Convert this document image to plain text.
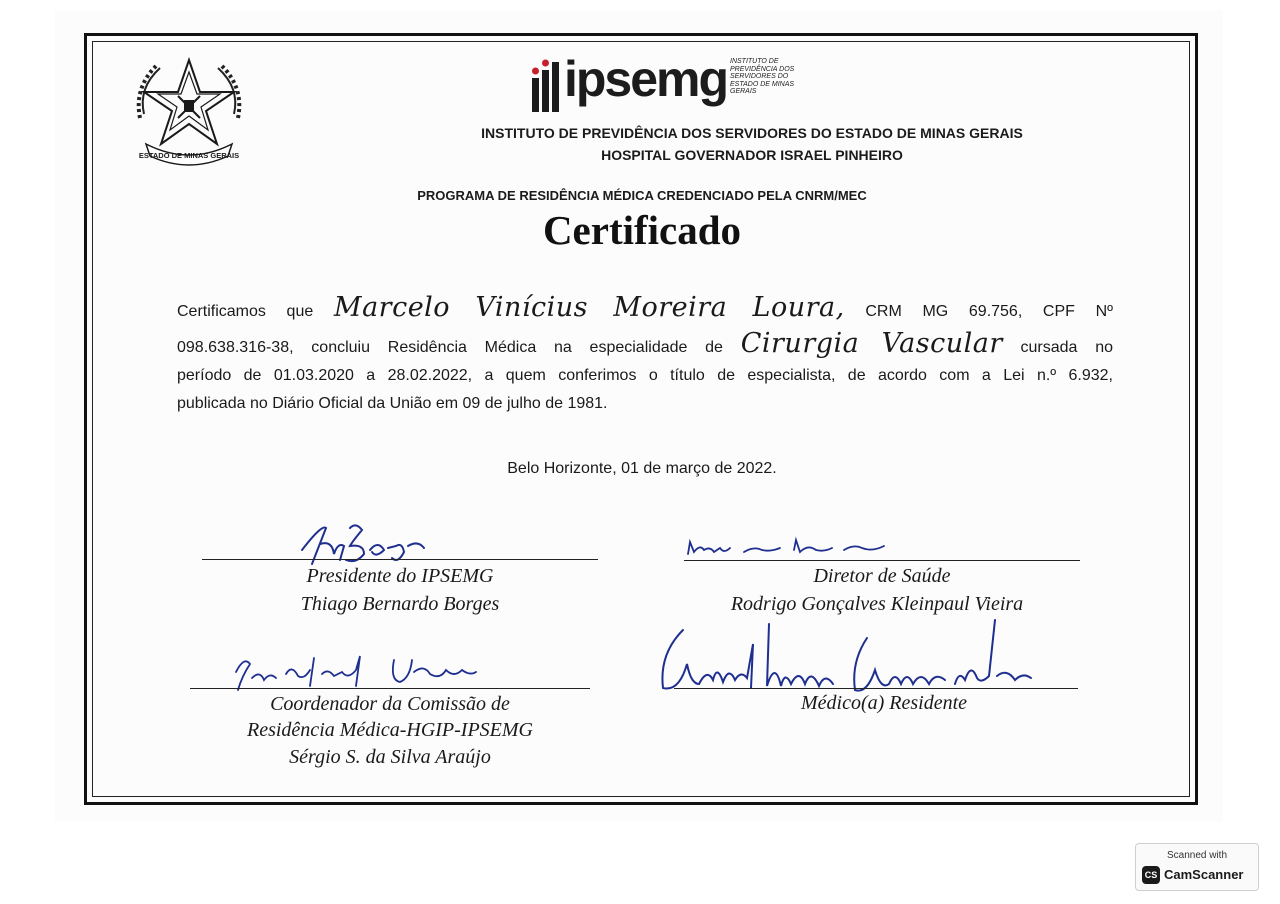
ESTADO DE MINAS GERAIS
ipsemg INSTITUTO DE PREVIDÊNCIA DOS SERVIDORES DO ESTADO DE MINAS GERAIS
INSTITUTO DE PREVIDÊNCIA DOS SERVIDORES DO ESTADO DE MINAS GERAIS
HOSPITAL GOVERNADOR ISRAEL PINHEIRO
PROGRAMA DE RESIDÊNCIA MÉDICA CREDENCIADO PELA CNRM/MEC
Certificado
Certificamos que Marcelo Vinícius Moreira Loura, CRM MG 69.756, CPF Nº
098.638.316-38, concluiu Residência Médica na especialidade de Cirurgia Vascular cursada no
período de 01.03.2020 a 28.02.2022, a quem conferimos o título de especialista, de acordo com a Lei n.º 6.932,
publicada no Diário Oficial da União em 09 de julho de 1981.
Belo Horizonte, 01 de março de 2022.
Presidente do IPSEMG
Thiago Bernardo Borges
Diretor de Saúde
Rodrigo Gonçalves Kleinpaul Vieira
Coordenador da Comissão de
Residência Médica-HGIP-IPSEMG
Sérgio S. da Silva Araújo
Médico(a) Residente
Scanned with
CS CamScanner
